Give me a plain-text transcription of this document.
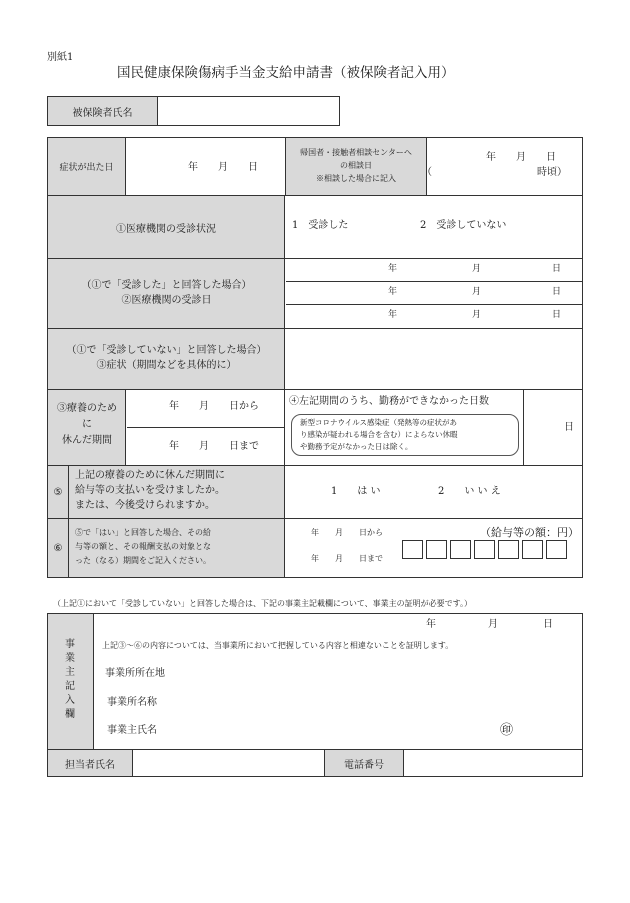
別紙1
国民健康保険傷病手当金支給申請書（被保険者記入用）
被保険者氏名
症状が出た日	年　　月　　日
帰国者・接触者相談センターへ
の相談日
※相談した場合に記入
年　　月　　日
（	時頃）
①医療機関の受診状況	1　受診した	2　受診していない
（①で「受診した」と回答した場合）
②医療機関の受診日
年	月	日
年	月	日
年	月	日
（①で「受診していない」と回答した場合）
③症状（期間などを具体的に）
③療養のため
に
休んだ期間
年　　月　　日から
年　　月　　日まで
④左記期間のうち、勤務ができなかった日数
新型コロナウイルス感染症（発熱等の症状があ
り感染が疑われる場合を含む）によらない休暇
や勤務予定がなかった日は除く。
日
⑤
上記の療養のために休んだ期間に
給与等の支払いを受けましたか。
または、今後受けられますか。
1　　は い	2　　い い え
⑥
⑤で「はい」と回答した場合、その給
与等の額と、その報酬支払の対象とな
った（なる）期間をご記入ください。
年　　月　　日から
年　　月　　日まで
（給与等の額：円）
（上記①において「受診していない」と回答した場合は、下記の事業主記載欄について、事業主の証明が必要です。）
事
業
主
記
入
欄
年	月	日
上記③～⑥の内容については、当事業所において把握している内容と相違ないことを証明します。
事業所所在地
事業所名称
事業主氏名	㊞
担当者氏名	電話番号
